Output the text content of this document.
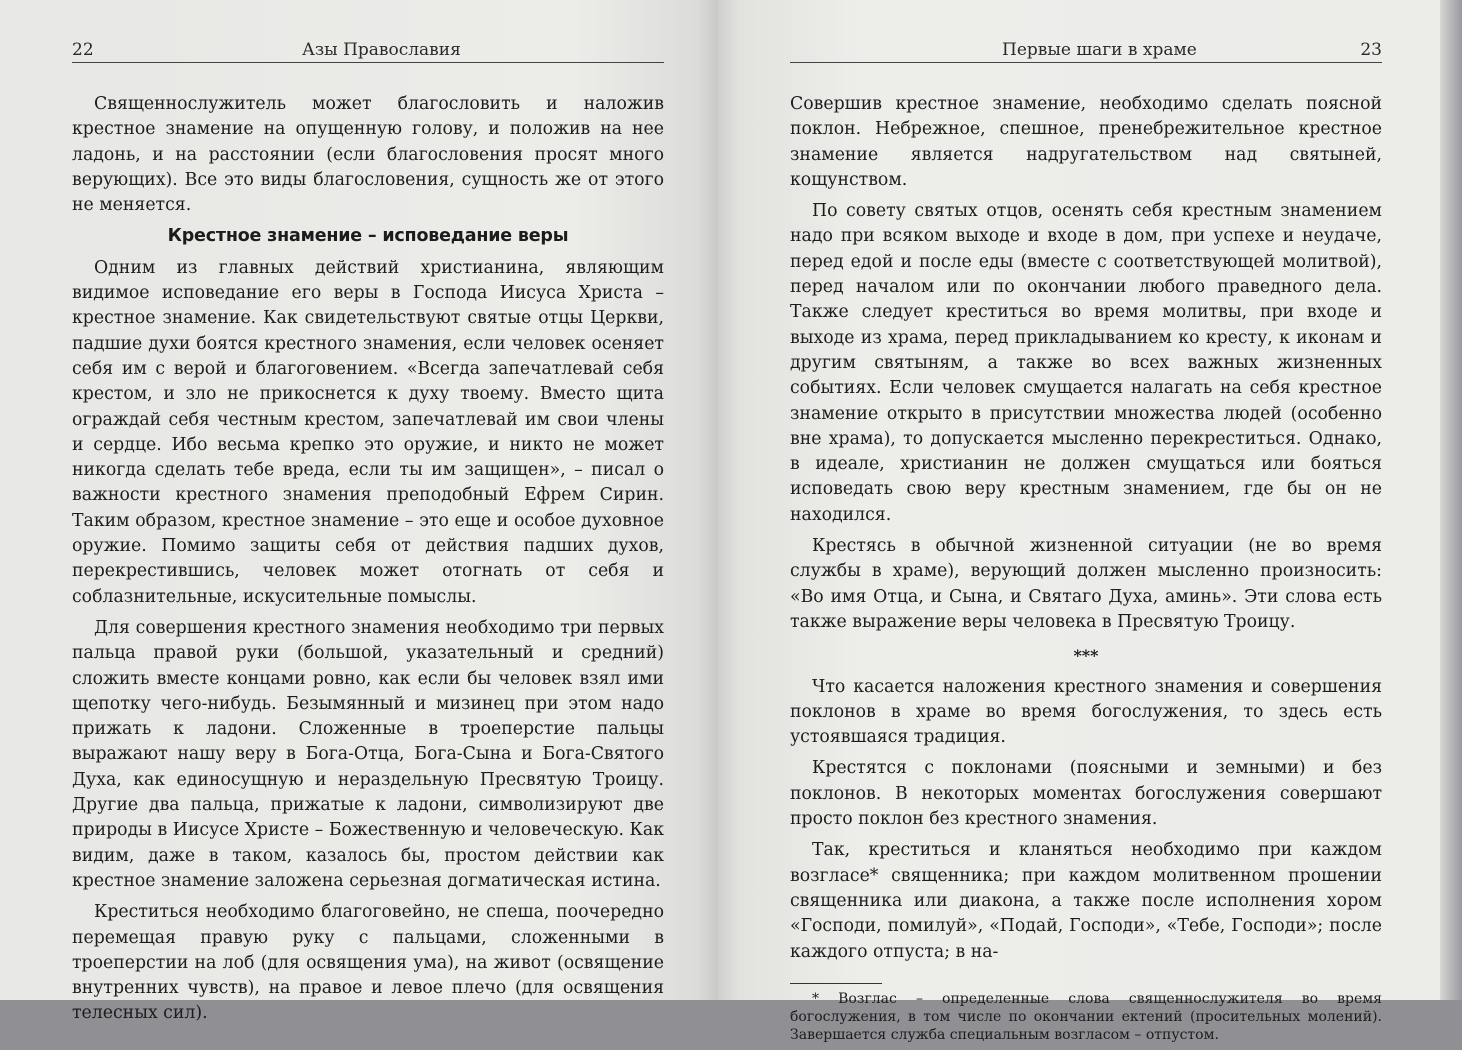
22	Азы Православия

Священнослужитель может благословить и наложив крестное знамение на опущенную голову, и положив на нее ладонь, и на расстоянии (если благословения просят много верующих). Все это виды благословения, сущность же от этого не меняется.

Крестное знамение – исповедание веры

Одним из главных действий христианина, являющим видимое исповедание его веры в Господа Иисуса Христа – крестное знамение. Как свидетельствуют святые отцы Церкви, падшие духи боятся крестного знамения, если человек осеняет себя им с верой и благоговением. «Всегда запечатлевай себя крестом, и зло не прикоснется к духу твоему. Вместо щита ограждай себя честным крестом, запечатлевай им свои члены и сердце. Ибо весьма крепко это оружие, и никто не может никогда сделать тебе вреда, если ты им защищен», – писал о важности крестного знамения преподобный Ефрем Сирин. Таким образом, крестное знамение – это еще и особое духовное оружие. Помимо защиты себя от действия падших духов, перекрестившись, человек может отогнать от себя и соблазнительные, искусительные помыслы.

Для совершения крестного знамения необходимо три первых пальца правой руки (большой, указательный и средний) сложить вместе концами ровно, как если бы человек взял ими щепотку чего-нибудь. Безымянный и мизинец при этом надо прижать к ладони. Сложенные в троеперстие пальцы выражают нашу веру в Бога-Отца, Бога-Сына и Бога-Святого Духа, как единосущную и нераздельную Пресвятую Троицу. Другие два пальца, прижатые к ладони, символизируют две природы в Иисусе Христе – Божественную и человеческую. Как видим, даже в таком, казалось бы, простом действии как крестное знамение заложена серьезная догматическая истина.

Креститься необходимо благоговейно, не спеша, поочередно перемещая правую руку с пальцами, сложенными в троеперстии на лоб (для освящения ума), на живот (освящение внутренних чувств), на правое и левое плечо (для освящения телесных сил).

Первые шаги в храме	23

Совершив крестное знамение, необходимо сделать поясной поклон. Небрежное, спешное, пренебрежительное крестное знамение является надругательством над святыней, кощунством.

По совету святых отцов, осенять себя крестным знамением надо при всяком выходе и входе в дом, при успехе и неудаче, перед едой и после еды (вместе с соответствующей молитвой), перед началом или по окончании любого праведного дела. Также следует креститься во время молитвы, при входе и выходе из храма, перед прикладыванием ко кресту, к иконам и другим святыням, а также во всех важных жизненных событиях. Если человек смущается налагать на себя крестное знамение открыто в присутствии множества людей (особенно вне храма), то допускается мысленно перекреститься. Однако, в идеале, христианин не должен смущаться или бояться исповедать свою веру крестным знамением, где бы он не находился.

Крестясь в обычной жизненной ситуации (не во время службы в храме), верующий должен мысленно произносить: «Во имя Отца, и Сына, и Святаго Духа, аминь». Эти слова есть также выражение веры человека в Пресвятую Троицу.

***

Что касается наложения крестного знамения и совершения поклонов в храме во время богослужения, то здесь есть устоявшаяся традиция.

Крестятся с поклонами (поясными и земными) и без поклонов. В некоторых моментах богослужения совершают просто поклон без крестного знамения.

Так, креститься и кланяться необходимо при каждом возгласе* священника; при каждом молитвенном прошении священника или диакона, а также после исполнения хором «Господи, помилуй», «Подай, Господи», «Тебе, Господи»; после каждого отпуста; в на-

* Возглас – определенные слова священнослужителя во время богослужения, в том числе по окончании ектений (просительных молений). Завершается служба специальным возгласом – отпустом.
